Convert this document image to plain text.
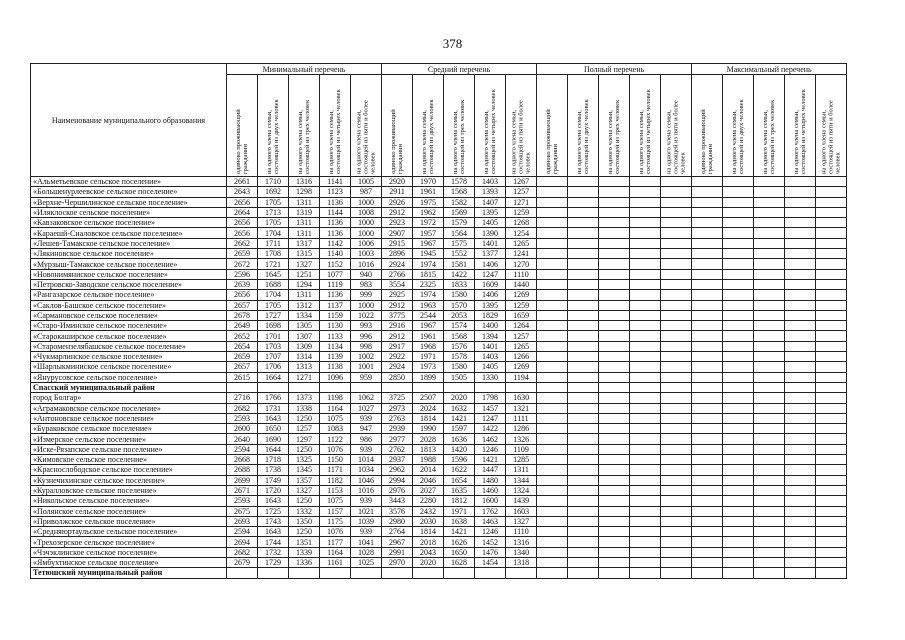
378
Наименование муниципального образования	Минимальный перечень					Средний перечень					Полный перечень					Максимальный перечень				

одиноко проживающий гражданин	на одного члена семьи, состоящей из двух человек	на одного члена семьи, состоящей из трех человек	на одного члена семьи, состоящей из четырех человек	на одного члена семьи, состоящей из пяти и более человек	одиноко проживающий гражданин	на одного члена семьи, состоящей из двух человек	на одного члена семьи, состоящей из трех человек	на одного члена семьи, состоящей из четырех человек	на одного члена семьи, состоящей из пяти и более человек	одиноко проживающий гражданин	на одного члена семьи, состоящей из двух человек	на одного члена семьи, состоящей из трех человек	на одного члена семьи, состоящей из четырех человек	на одного члена семьи, состоящей из пяти и более человек	одиноко проживающий гражданин	на одного члена семьи, состоящей из двух человек	на одного члена семьи, состоящей из трех человек	на одного члена семьи, состоящей из четырех человек	на одного члена семьи, состоящей из пяти и более человек

«Альметьевское сельское поселение»	2661	1710	1316	1141	1005	2920	1970	1578	1403	1267										
«Большенурлеевское сельское поселение»	2643	1692	1298	1123	987	2911	1961	1568	1393	1257										
«Верхне-Чершилинское сельское поселение»	2656	1705	1311	1136	1000	2926	1975	1582	1407	1271										
«Иляклоское сельское поселение»	2664	1713	1319	1144	1008	2912	1962	1569	1395	1259										
«Кавзаковское сельское поселение»	2656	1705	1311	1136	1000	2923	1972	1579	1405	1268										
«Караешй-Сиаловское сельское поселение»	2656	1704	1311	1136	1000	2907	1957	1564	1390	1254										
«Лешев-Тамакское сельское поселение»	2662	1711	1317	1142	1006	2915	1967	1575	1401	1265										
«Лякиновское сельское поселение»	2659	1708	1315	1140	1003	2896	1945	1552	1377	1241										
«Мурзыш-Тамакское сельское поселение»	2672	1721	1327	1152	1016	2924	1974	1581	1406	1270										
«Новонимяниское сельское поселение»	2596	1645	1251	1077	940	2766	1815	1422	1247	1110										
«Петровско-Заводское сельское поселение»	2639	1688	1294	1119	983	3554	2325	1833	1609	1440										
«Рангазарское сельское поселение»	2656	1704	1311	1136	999	2925	1974	1580	1406	1269										
«Саклов-Башское сельское поселение»	2657	1705	1312	1137	1000	2912	1963	1570	1395	1259										
«Сармановское сельское поселение»	2678	1727	1334	1159	1022	3775	2544	2053	1829	1659										
«Старо-Иминское сельское поселение»	2649	1698	1305	1130	993	2916	1967	1574	1400	1264										
«Старокаширское сельское поселение»	2652	1701	1307	1133	996	2912	1961	1568	1394	1257										
«Старомензелябашское сельское поселение»	2654	1703	1309	1134	998	2917	1968	1576	1401	1265										
«Чукмарлинское сельское поселение»	2659	1707	1314	1139	1002	2922	1971	1578	1403	1266										
«Шарлыкминиское сельское поселение»	2657	1706	1313	1138	1001	2924	1973	1580	1405	1269										
«Янурусовское сельское поселение»	2615	1664	1271	1096	959	2850	1899	1505	1330	1194										
Спасский муниципальный район																				
город Болгар»	2716	1766	1373	1198	1062	3725	2507	2020	1798	1630										
«Аграмаковское сельское поселение»	2682	1731	1338	1164	1027	2973	2024	1632	1457	1321										
«Антоновское сельское поселение»	2593	1643	1250	1075	939	2763	1814	1421	1247	1111										
«Бураковское сельское поселение»	2600	1650	1257	1083	947	2939	1990	1597	1422	1286										
«Измерское сельское поселение»	2640	1690	1297	1122	986	2977	2028	1636	1462	1326										
«Иске-Рязапское сельское поселение»	2594	1644	1250	1076	939	2762	1813	1420	1246	1109										
«Кимовское сельское поселение»	2668	1718	1325	1150	1014	2937	1988	1596	1421	1285										
«Краснослободское сельское поселение»	2688	1738	1345	1171	1034	2962	2014	1622	1447	1311										
«Кузнечихинское сельское поселение»	2699	1749	1357	1182	1046	2994	2046	1654	1480	1344										
«Куралловское сельское поселение»	2671	1720	1327	1153	1016	2976	2027	1635	1460	1324										
«Никольское сельское поселение»	2593	1643	1250	1075	939	3443	2280	1812	1600	1439										
«Полянское сельское поселение»	2675	1725	1332	1157	1021	3576	2432	1971	1762	1603										
«Приволжское сельское поселение»	2693	1743	1350	1175	1039	2980	2030	1638	1463	1327										
«Средняюртаульское сельское поселение»	2594	1643	1250	1076	939	2764	1814	1421	1246	1110										
«Трехозерское сельское поселение»	2694	1744	1351	1177	1041	2967	2018	1626	1452	1316										
«Чэчэклинское сельское поселение»	2682	1732	1339	1164	1028	2991	2043	1650	1476	1340										
«Ямбухтинское сельское поселение»	2679	1729	1336	1161	1025	2970	2020	1628	1454	1318										
Тетюшский муниципальный район																				
